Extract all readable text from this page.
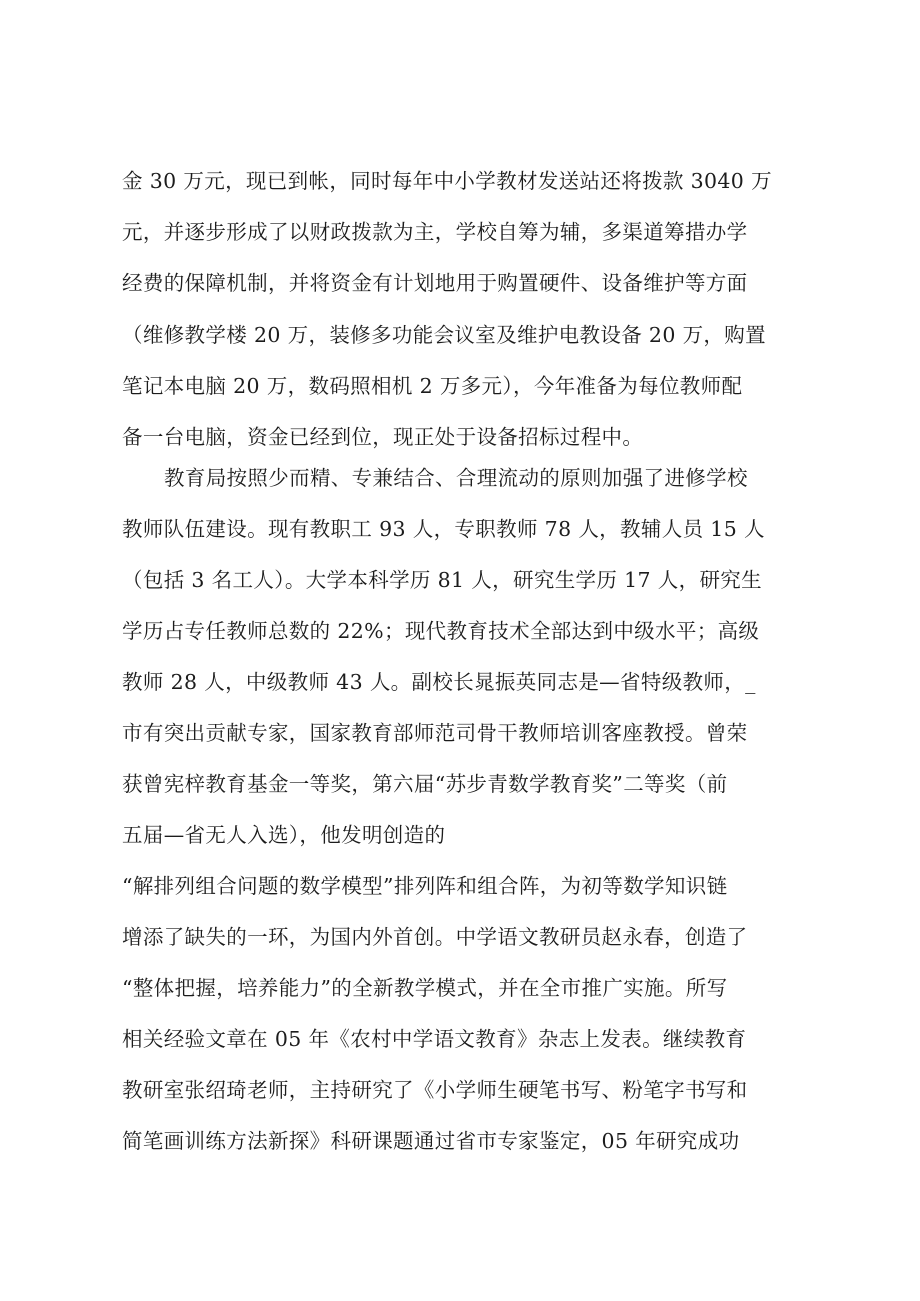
金 30 万元，现已到帐，同时每年中小学教材发送站还将拨款 3040 万
元，并逐步形成了以财政拨款为主，学校自筹为辅，多渠道筹措办学
经费的保障机制，并将资金有计划地用于购置硬件、设备维护等方面
（维修教学楼 20 万，装修多功能会议室及维护电教设备 20 万，购置
笔记本电脑 20 万，数码照相机 2 万多元），今年准备为每位教师配
备一台电脑，资金已经到位，现正处于设备招标过程中。
教育局按照少而精、专兼结合、合理流动的原则加强了进修学校
教师队伍建设。现有教职工 93 人，专职教师 78 人，教辅人员 15 人
（包括 3 名工人）。大学本科学历 81 人，研究生学历 17 人，研究生
学历占专任教师总数的 22%；现代教育技术全部达到中级水平；高级
教师 28 人，中级教师 43 人。副校长晁振英同志是—省特级教师，_
市有突出贡献专家，国家教育部师范司骨干教师培训客座教授。曾荣
获曾宪梓教育基金一等奖，第六届“苏步青数学教育奖”二等奖（前
五届—省无人入选），他发明创造的
“解排列组合问题的数学模型”排列阵和组合阵，为初等数学知识链
增添了缺失的一环，为国内外首创。中学语文教研员赵永春，创造了
“整体把握，培养能力”的全新教学模式，并在全市推广实施。所写
相关经验文章在 05 年《农村中学语文教育》杂志上发表。继续教育
教研室张绍琦老师，主持研究了《小学师生硬笔书写、粉笔字书写和
简笔画训练方法新探》科研课题通过省市专家鉴定，05 年研究成功
